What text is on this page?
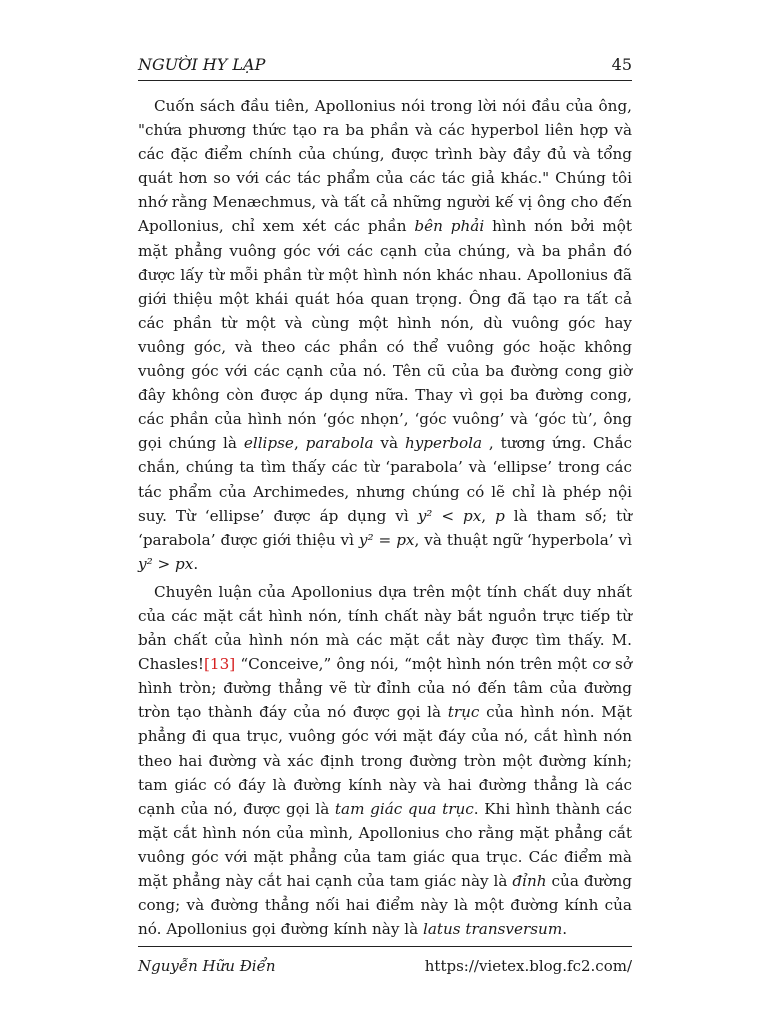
NGƯỜI HY LẠP	45

Cuốn sách đầu tiên, Apollonius nói trong lời nói đầu của ông, "chứa phương thức tạo ra ba phần và các hyperbol liên hợp và các đặc điểm chính của chúng, được trình bày đầy đủ và tổng quát hơn so với các tác phẩm của các tác giả khác." Chúng tôi nhớ rằng Menæchmus, và tất cả những người kế vị ông cho đến Apollonius, chỉ xem xét các phần bên phải hình nón bởi một mặt phẳng vuông góc với các cạnh của chúng, và ba phần đó được lấy từ mỗi phần từ một hình nón khác nhau. Apollonius đã giới thiệu một khái quát hóa quan trọng. Ông đã tạo ra tất cả các phần từ một và cùng một hình nón, dù vuông góc hay vuông góc, và theo các phần có thể vuông góc hoặc không vuông góc với các cạnh của nó. Tên cũ của ba đường cong giờ đây không còn được áp dụng nữa. Thay vì gọi ba đường cong, các phần của hình nón ‘góc nhọn’, ‘góc vuông’ và ‘góc tù’, ông gọi chúng là ellipse, parabola và hyperbola , tương ứng. Chắc chắn, chúng ta tìm thấy các từ ‘parabola’ và ‘ellipse’ trong các tác phẩm của Archimedes, nhưng chúng có lẽ chỉ là phép nội suy. Từ ‘ellipse’ được áp dụng vì y² < px, p là tham số; từ ‘parabola’ được giới thiệu vì y² = px, và thuật ngữ ‘hyperbola’ vì y² > px.

Chuyên luận của Apollonius dựa trên một tính chất duy nhất của các mặt cắt hình nón, tính chất này bắt nguồn trực tiếp từ bản chất của hình nón mà các mặt cắt này được tìm thấy. M. Chasles![13] “Conceive,” ông nói, “một hình nón trên một cơ sở hình tròn; đường thẳng vẽ từ đỉnh của nó đến tâm của đường tròn tạo thành đáy của nó được gọi là trục của hình nón. Mặt phẳng đi qua trục, vuông góc với mặt đáy của nó, cắt hình nón theo hai đường và xác định trong đường tròn một đường kính; tam giác có đáy là đường kính này và hai đường thẳng là các cạnh của nó, được gọi là tam giác qua trục. Khi hình thành các mặt cắt hình nón của mình, Apollonius cho rằng mặt phẳng cắt vuông góc với mặt phẳng của tam giác qua trục. Các điểm mà mặt phẳng này cắt hai cạnh của tam giác này là đỉnh của đường cong; và đường thẳng nối hai điểm này là một đường kính của nó. Apollonius gọi đường kính này là latus transversum.

Nguyễn Hữu Điển	https://vietex.blog.fc2.com/
